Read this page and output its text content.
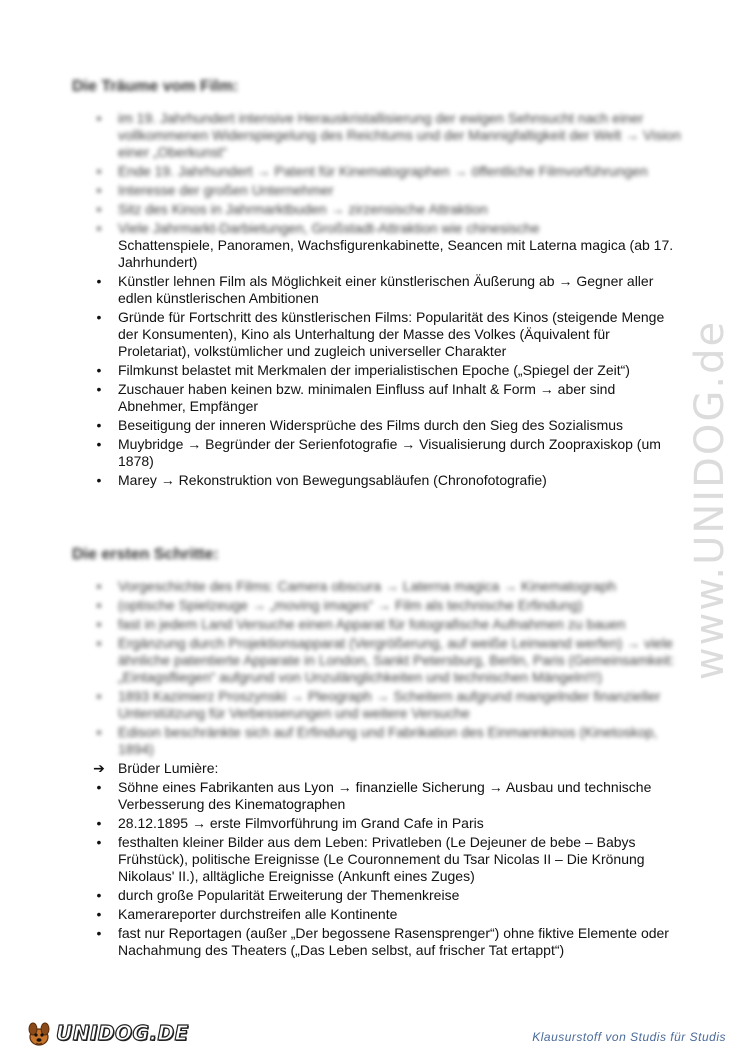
www.UNIDOG.de
Die Träume vom Film:
•	im 19. Jahrhundert intensive Herauskristallisierung der ewigen Sehnsucht nach einer vollkommenen Widerspiegelung des Reichtums und der Mannigfaltigkeit der Welt → Vision einer „Oberkunst“
•	Ende 19. Jahrhundert → Patent für Kinematographen → öffentliche Filmvorführungen
•	Interesse der großen Unternehmer
•	Sitz des Kinos in Jahrmarktbuden → zirzensische Attraktion
•	Viele Jahrmarkt-Darbietungen, Großstadt-Attraktion wie chinesische
Schattenspiele, Panoramen, Wachsfigurenkabinette, Seancen mit Laterna magica (ab 17. Jahrhundert)
•	Künstler lehnen Film als Möglichkeit einer künstlerischen Äußerung ab → Gegner aller edlen künstlerischen Ambitionen
•	Gründe für Fortschritt des künstlerischen Films: Popularität des Kinos (steigende Menge der Konsumenten), Kino als Unterhaltung der Masse des Volkes (Äquivalent für Proletariat), volkstümlicher und zugleich universeller Charakter
•	Filmkunst belastet mit Merkmalen der imperialistischen Epoche („Spiegel der Zeit“)
•	Zuschauer haben keinen bzw. minimalen Einfluss auf Inhalt & Form → aber sind Abnehmer, Empfänger
•	Beseitigung der inneren Widersprüche des Films durch den Sieg des Sozialismus
•	Muybridge → Begründer der Serienfotografie → Visualisierung durch Zoopraxiskop (um 1878)
•	Marey → Rekonstruktion von Bewegungsabläufen (Chronofotografie)
Die ersten Schritte:
•	Vorgeschichte des Films: Camera obscura → Laterna magica → Kinematograph
•	(optische Spielzeuge → „moving images“ → Film als technische Erfindung)
•	fast in jedem Land Versuche einen Apparat für fotografische Aufnahmen zu bauen
•	Ergänzung durch Projektionsapparat (Vergrößerung, auf weiße Leinwand werfen) → viele ähnliche patentierte Apparate in London, Sankt Petersburg, Berlin, Paris (Gemeinsamkeit: „Eintagsfliegen“ aufgrund von Unzulänglichkeiten und technischen Mängeln!!!)
•	1893 Kazimierz Proszynski → Pleograph → Scheitern aufgrund mangelnder finanzieller Unterstützung für Verbesserungen und weitere Versuche
•	Edison beschränkte sich auf Erfindung und Fabrikation des Einmannkinos (Kinetoskop, 1894)
➔ Brüder Lumière:
•	Söhne eines Fabrikanten aus Lyon → finanzielle Sicherung → Ausbau und technische Verbesserung des Kinematographen
•	28.12.1895 → erste Filmvorführung im Grand Cafe in Paris
•	festhalten kleiner Bilder aus dem Leben: Privatleben (Le Dejeuner de bebe – Babys Frühstück), politische Ereignisse (Le Couronnement du Tsar Nicolas II – Die Krönung Nikolaus' II.), alltägliche Ereignisse (Ankunft eines Zuges)
•	durch große Popularität Erweiterung der Themenkreise
•	Kamerareporter durchstreifen alle Kontinente
•	fast nur Reportagen (außer „Der begossene Rasensprenger“) ohne fiktive Elemente oder Nachahmung des Theaters („Das Leben selbst, auf frischer Tat ertappt“)
UNIDOG.DE	Klausurstoff von Studis für Studis
